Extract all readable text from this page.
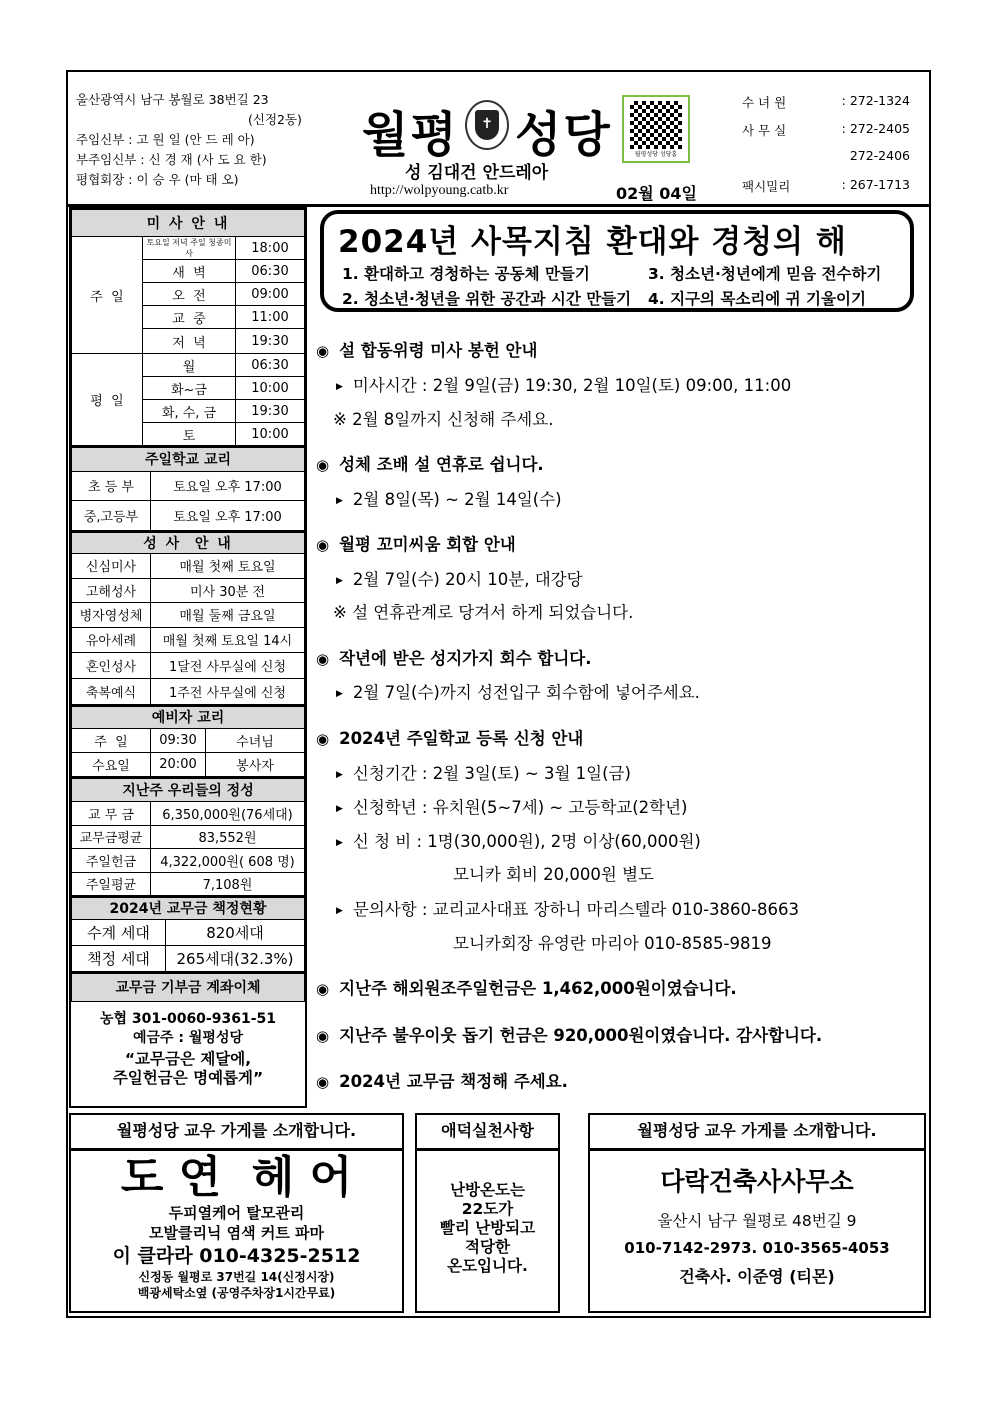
울산광역시 남구 봉월로 38번길 23
(신정2동)
주임신부 : 고 원 일 (안 드 레 아)
부주임신부 : 신 경 재 (사 도 요 한)
평협회장 : 이 승 우 (마 태 오)
월평	✝ 성당
성 김대건 안드레아
http://wolpyoung.catb.kr	02월 04일
월평성당 성당홈
수 녀 원	: 272-1324
사 무 실	: 272-2405
272-2406
팩시밀리	: 267-1713
미 사 안 내		
주  일	토요일 저녁 주일 청종미사	18:00
	새  벽	06:30
	오  전	09:00
	교  중	11:00
	저  녁	19:30
평  일	월	06:30
	화~금	10:00
	화, 수, 금	19:30
	토	10:00
주일학교 교리	
초 등 부	토요일 오후 17:00
중,고등부	토요일 오후 17:00
성 사  안 내	
신심미사	매월 첫째 토요일
고해성사	미사 30분 전
병자영성체	매월 둘째 금요일
유아세례	매월 첫째 토요일 14시
혼인성사	1달전 사무실에 신청
축복예식	1주전 사무실에 신청
예비자 교리		
주  일	09:30	수녀님
수요일	20:00	봉사자
지난주 우리들의 정성	
교 무 금	6,350,000원(76세대)
교무금평균	83,552원
주일헌금	4,322,000원( 608 명)
주일평균	7,108원
2024년 교무금 책정현황	
수계 세대	820세대
책정 세대	265세대(32.3%)
교무금 기부금 계좌이체
농협 301-0060-9361-51
예금주 : 월평성당
“교무금은 제달에,
주일헌금은 명예롭게”
2024년 사목지침 환대와 경청의 해
1. 환대하고 경청하는 공동체 만들기
2. 청소년·청년을 위한 공간과 시간 만들기
3. 청소년·청년에게 믿음 전수하기
4. 지구의 목소리에 귀 기울이기
◉ 설 합동위령 미사 봉헌 안내
▶ 미사시간 : 2월 9일(금) 19:30, 2월 10일(토) 09:00, 11:00
※ 2월 8일까지 신청해 주세요.
◉ 성체 조배 설 연휴로 쉽니다.
▶ 2월 8일(목) ~ 2월 14일(수)
◉ 월평 꼬미씨움 회합 안내
▶ 2월 7일(수) 20시 10분, 대강당
※ 설 연휴관계로 당겨서 하게 되었습니다.
◉ 작년에 받은 성지가지 회수 합니다.
▶ 2월 7일(수)까지 성전입구 회수함에 넣어주세요.
◉ 2024년 주일학교 등록 신청 안내
▶ 신청기간 : 2월 3일(토) ~ 3월 1일(금)
▶ 신청학년 : 유치원(5~7세) ~ 고등학교(2학년)
▶ 신 청 비 : 1명(30,000원), 2명 이상(60,000원)
모니카 회비 20,000원 별도
▶ 문의사항 : 교리교사대표 장하니 마리스텔라 010-3860-8663
모니카회장 유영란 마리아 010-8585-9819
◉ 지난주 해외원조주일헌금은 1,462,000원이였습니다.
◉ 지난주 불우이웃 돕기 헌금은 920,000원이였습니다. 감사합니다.
◉ 2024년 교무금 책정해 주세요.
월평성당 교우 가게를 소개합니다.
도 연  헤 어
두피열케어 탈모관리
모발클리닉 염색 커트 파마
이 클라라 010-4325-2512
신정동 월평로 37번길 14(신정시장)
백광세탁소옆 (공영주차장1시간무료)
애덕실천사항
난방온도는
22도가
빨리 난방되고
적당한
온도입니다.
월평성당 교우 가게를 소개합니다.
다락건축사사무소
울산시 남구 월평로 48번길 9
010-7142-2973. 010-3565-4053
건축사. 이준영 (티몬)
